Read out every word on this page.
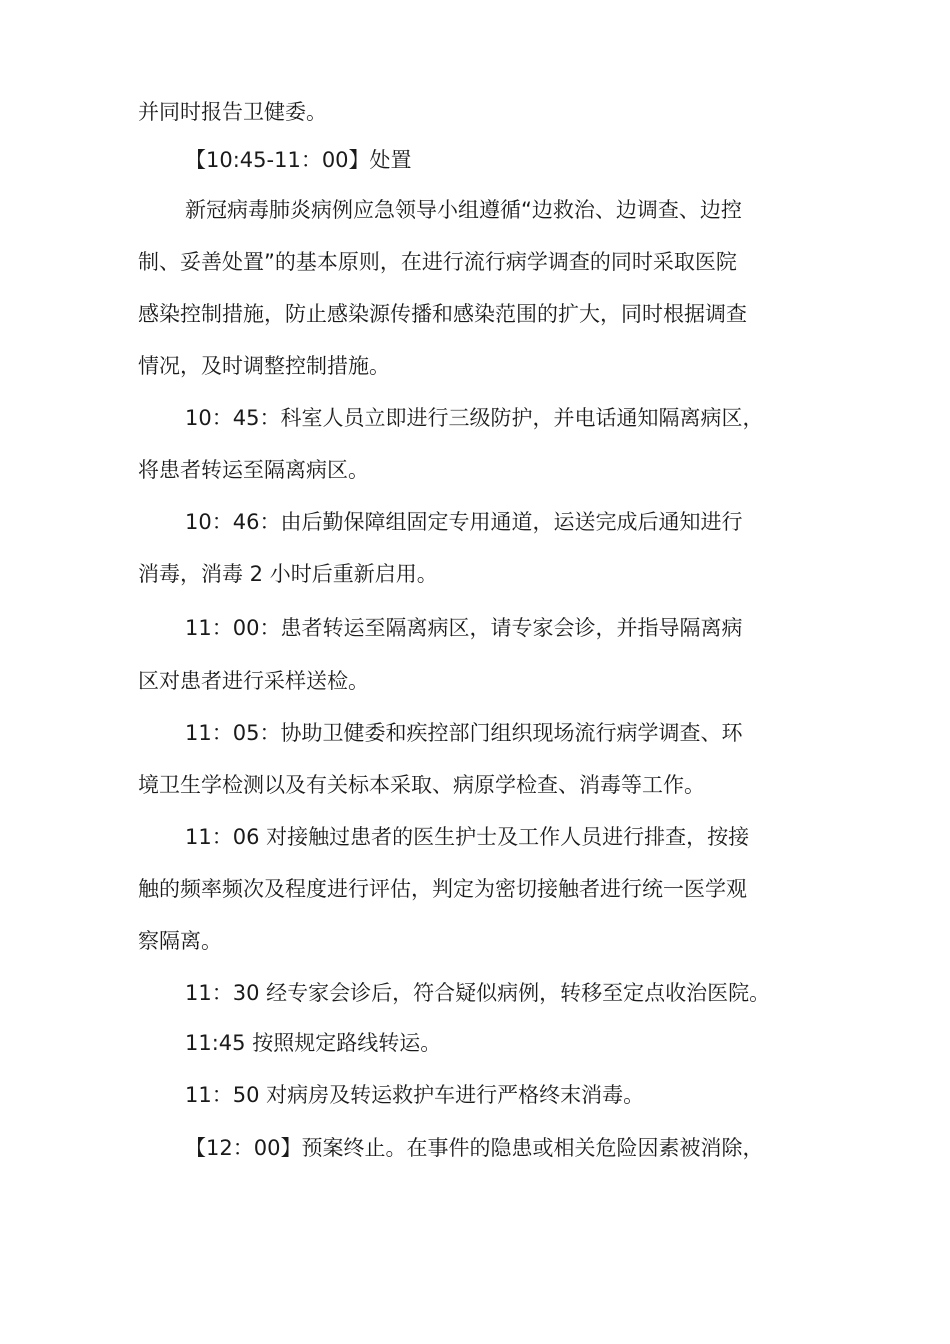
并同时报告卫健委。
【10:45-11：00】处置
新冠病毒肺炎病例应急领导小组遵循“边救治、边调查、边控
制、妥善处置”的基本原则，在进行流行病学调查的同时采取医院
感染控制措施，防止感染源传播和感染范围的扩大，同时根据调查
情况，及时调整控制措施。
10：45：科室人员立即进行三级防护，并电话通知隔离病区，
将患者转运至隔离病区。
10：46：由后勤保障组固定专用通道，运送完成后通知进行
消毒，消毒 2 小时后重新启用。
11：00：患者转运至隔离病区，请专家会诊，并指导隔离病
区对患者进行采样送检。
11：05：协助卫健委和疾控部门组织现场流行病学调查、环
境卫生学检测以及有关标本采取、病原学检查、消毒等工作。
11：06 对接触过患者的医生护士及工作人员进行排查，按接
触的频率频次及程度进行评估，判定为密切接触者进行统一医学观
察隔离。
11：30 经专家会诊后，符合疑似病例，转移至定点收治医院。
11:45 按照规定路线转运。
11：50 对病房及转运救护车进行严格终末消毒。
【12：00】预案终止。在事件的隐患或相关危险因素被消除，
